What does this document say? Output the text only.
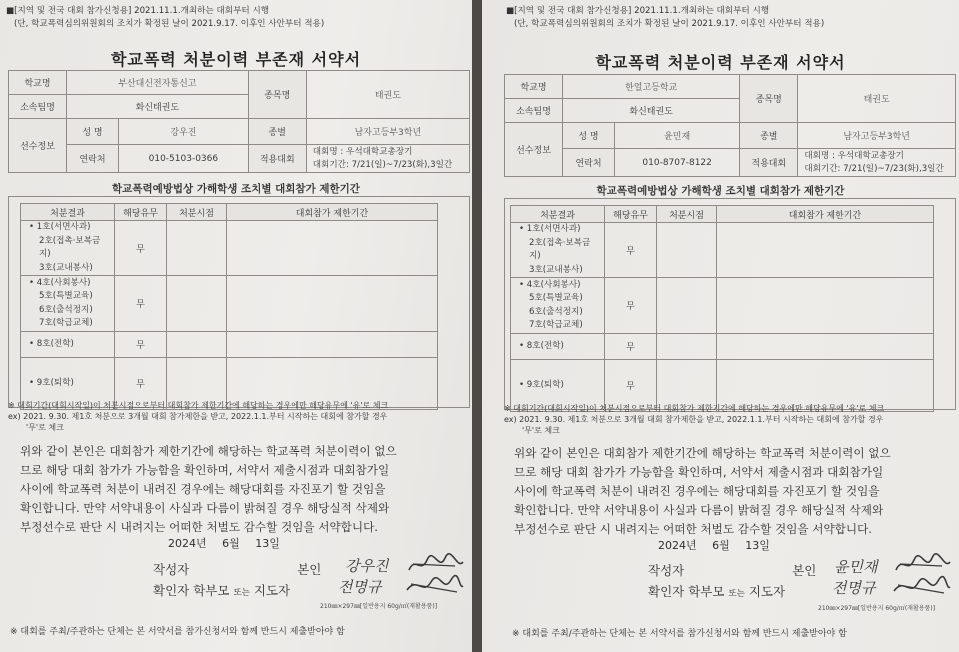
■[지역 및 전국 대회 참가신청용] 2021.11.1.개최하는 대회부터 시행
(단, 학교폭력심의위원회의 조치가 확정된 날이 2021.9.17. 이후인 사안부터 적용)
학교폭력 처분이력 부존재 서약서
학교명	부산대신전자통신고		종목명	태권도
소속팀명	화신태권도			
선수정보	성 명	강우진	종별	남자고등부3학년
	연락처	010-5103-0366	적용대회	대회명 : 우석대학교총장기
대회기간: 7/21(일)~7/23(화),3일간
학교폭력예방법상 가해학생 조치별 대회참가 제한기간
처분결과	해당유무	처분시점	대회참가 제한기간

• 1호(서면사과)
2호(접촉·보복금지)
3호(교내봉사)	무		

• 4호(사회봉사)
5호(특별교육)
6호(출석정지)
7호(학급교체)	무		
• 8호(전학)	무		
• 9호(퇴학)	무		
※ 대회기간(대회시작일)이 처분시점으로부터 대회참가 제한기간에 해당하는 경우에만 해당유무에 '유'로 체크
ex) 2021. 9.30. 제1호 처분으로 3개월 대회 참가제한을 받고, 2022.1.1.부터 시작하는 대회에 참가할 경우
'무'로 체크
위와 같이 본인은 대회참가 제한기간에 해당하는 학교폭력 처분이력이 없으
므로 해당 대회 참가가 가능함을 확인하며, 서약서 제출시점과 대회참가일
사이에 학교폭력 처분이 내려진 경우에는 해당대회를 자진포기 할 것임을
확인합니다. 만약 서약내용이 사실과 다름이 밝혀질 경우 해당실적 삭제와
부정선수로 판단 시 내려지는 어떠한 처벌도 감수할 것임을 서약합니다.
2024년 6월 13일
작성자	본인 강우진
확인자 학부모 또는 지도자	전명규
210㎜×297㎜[일반용지 60g/㎡(재활용품)]
※ 대회를 주최/주관하는 단체는 본 서약서를 참가신청서와 함께 반드시 제출받아야 함
■[지역 및 전국 대회 참가신청용] 2021.11.1.개최하는 대회부터 시행
(단, 학교폭력심의위원회의 조치가 확정된 날이 2021.9.17. 이후인 사안부터 적용)
학교폭력 처분이력 부존재 서약서
학교명	한얼고등학교		종목명	태권도
소속팀명	화신태권도			
선수정보	성 명	윤민재	종별	남자고등부3학년
	연락처	010-8707-8122	적용대회	대회명 : 우석대학교총장기
대회기간: 7/21(일)~7/23(화),3일간
학교폭력예방법상 가해학생 조치별 대회참가 제한기간
처분결과	해당유무	처분시점	대회참가 제한기간

• 1호(서면사과)
2호(접촉·보복금지)
3호(교내봉사)	무		

• 4호(사회봉사)
5호(특별교육)
6호(출석정지)
7호(학급교체)	무		
• 8호(전학)	무		
• 9호(퇴학)	무		
※ 대회기간(대회시작일)이 처분시점으로부터 대회참가 제한기간에 해당하는 경우에만 해당유무에 '유'로 체크
ex) 2021. 9.30. 제1호 처분으로 3개월 대회 참가제한을 받고, 2022.1.1.부터 시작하는 대회에 참가할 경우
'무'로 체크
위와 같이 본인은 대회참가 제한기간에 해당하는 학교폭력 처분이력이 없으
므로 해당 대회 참가가 가능함을 확인하며, 서약서 제출시점과 대회참가일
사이에 학교폭력 처분이 내려진 경우에는 해당대회를 자진포기 할 것임을
확인합니다. 만약 서약내용이 사실과 다름이 밝혀질 경우 해당실적 삭제와
부정선수로 판단 시 내려지는 어떠한 처벌도 감수할 것임을 서약합니다.
2024년 6월 13일
작성자	본인 윤민재
확인자 학부모 또는 지도자	전명규
210㎜×297㎜[일반용지 60g/㎡(재활용품)]
※ 대회를 주최/주관하는 단체는 본 서약서를 참가신청서와 함께 반드시 제출받아야 함
